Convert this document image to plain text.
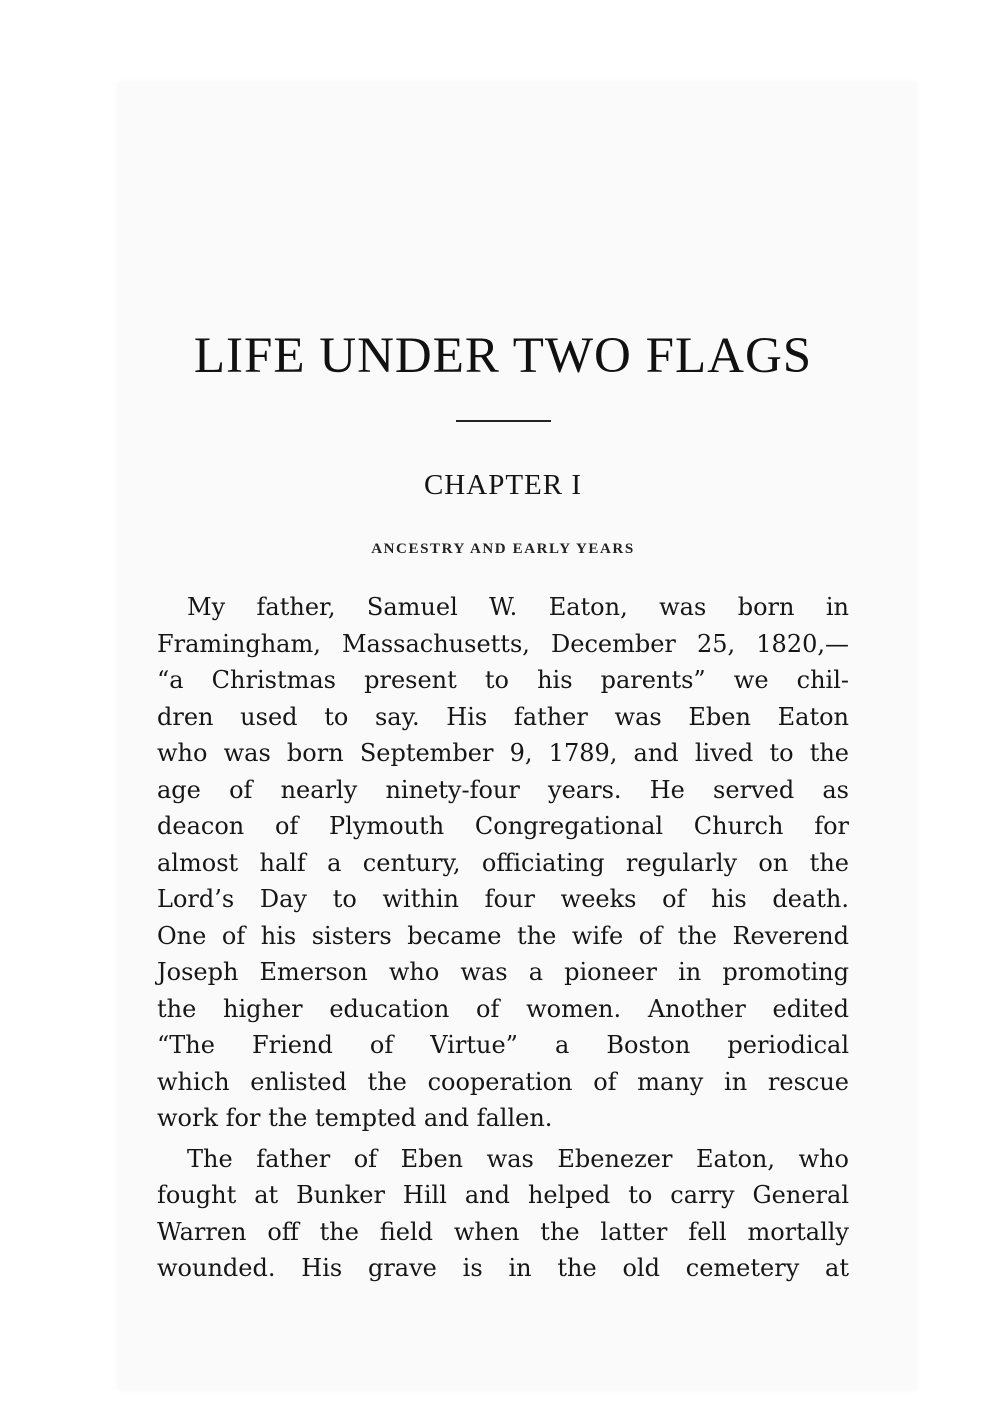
LIFE UNDER TWO FLAGS
CHAPTER I
ANCESTRY AND EARLY YEARS
My father, Samuel W. Eaton, was born in
Framingham, Massachusetts, December 25, 1820,—
“a Christmas present to his parents” we chil-
dren used to say. His father was Eben Eaton
who was born September 9, 1789, and lived to the
age of nearly ninety-four years. He served as
deacon of Plymouth Congregational Church for
almost half a century, officiating regularly on the
Lord’s Day to within four weeks of his death.
One of his sisters became the wife of the Reverend
Joseph Emerson who was a pioneer in promoting
the higher education of women. Another edited
“The Friend of Virtue” a Boston periodical
which enlisted the cooperation of many in rescue
work for the tempted and fallen.
The father of Eben was Ebenezer Eaton, who
fought at Bunker Hill and helped to carry General
Warren off the field when the latter fell mortally
wounded. His grave is in the old cemetery at
